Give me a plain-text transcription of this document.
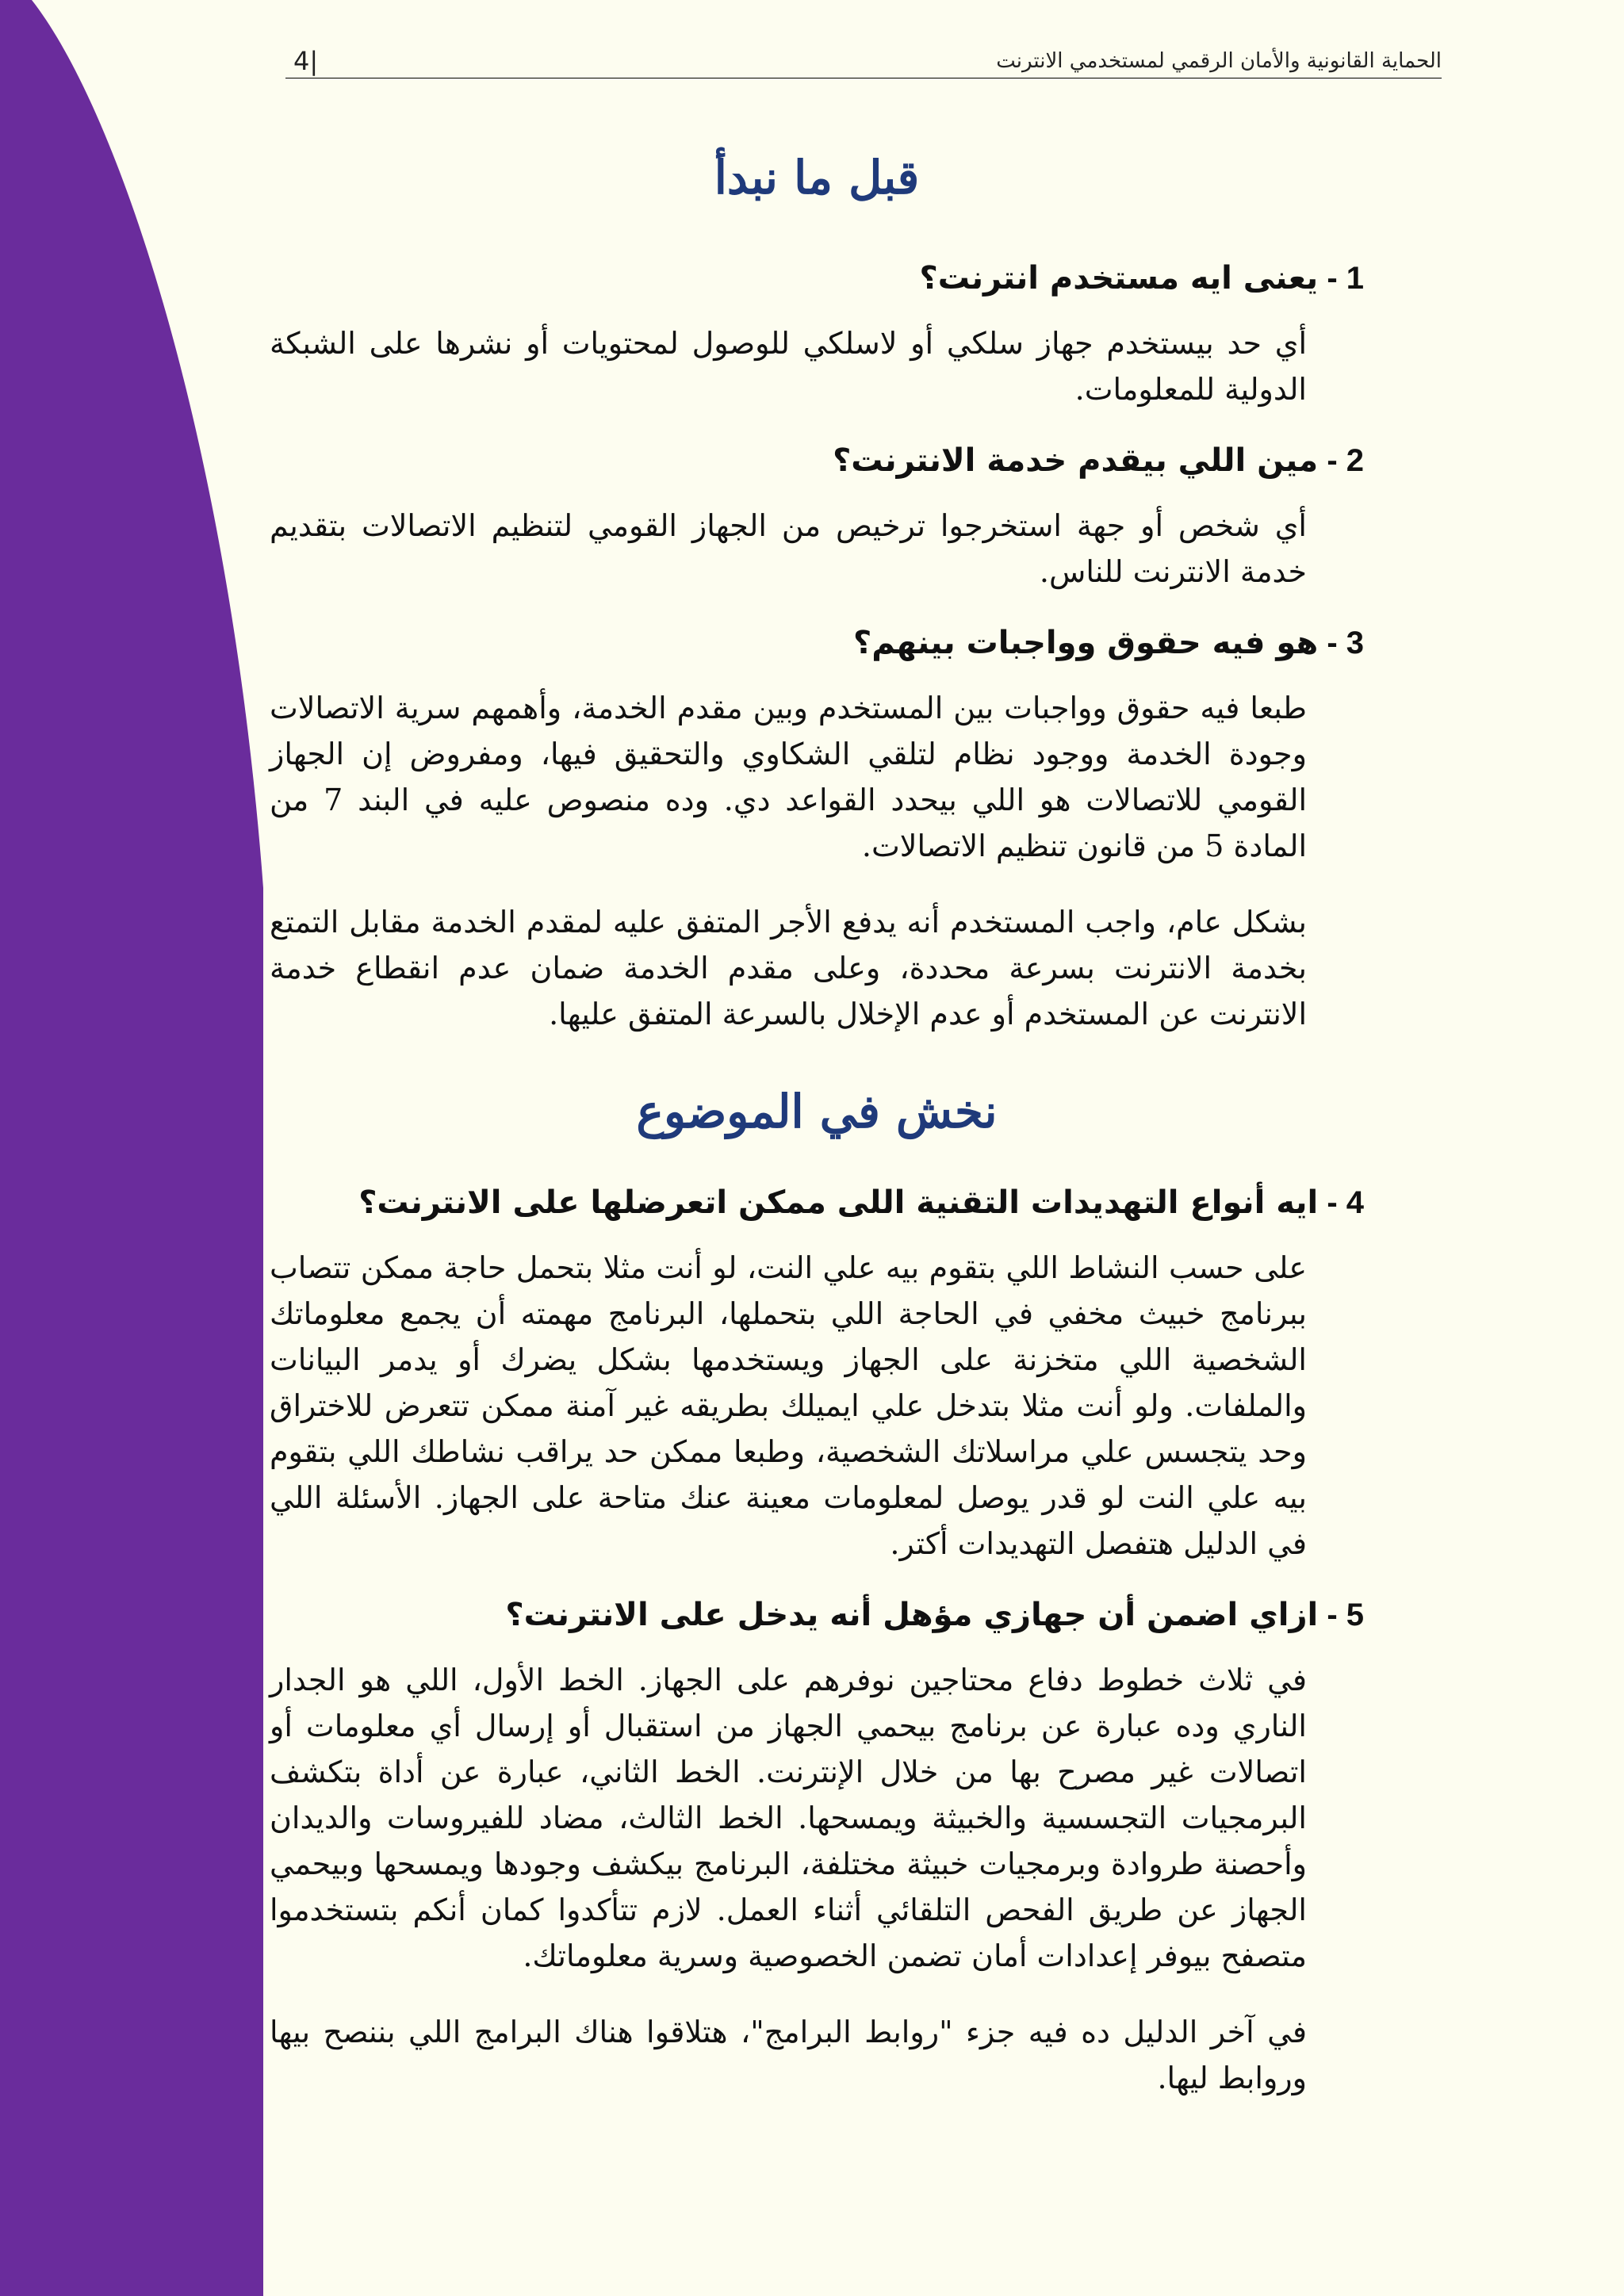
الحماية القانونية والأمان الرقمي لمستخدمي الانترنت
4|
قبل ما نبدأ
1 - يعنى ايه مستخدم انترنت؟

أي حد بيستخدم جهاز سلكي أو لاسلكي للوصول لمحتويات أو نشرها على الشبكة الدولية للمعلومات.

2 - مين اللي بيقدم خدمة الانترنت؟

أي شخص أو جهة استخرجوا ترخيص من الجهاز القومي لتنظيم الاتصالات بتقديم خدمة الانترنت للناس.

3 - هو فيه حقوق وواجبات بينهم؟

طبعا فيه حقوق وواجبات بين المستخدم وبين مقدم الخدمة، وأهمهم سرية الاتصالات وجودة الخدمة ووجود نظام لتلقي الشكاوي والتحقيق فيها، ومفروض إن الجهاز القومي للاتصالات هو اللي بيحدد القواعد دي. وده منصوص عليه في البند 7 من المادة 5 من قانون تنظيم الاتصالات.

بشكل عام، واجب المستخدم أنه يدفع الأجر المتفق عليه لمقدم الخدمة مقابل التمتع بخدمة الانترنت بسرعة محددة، وعلى مقدم الخدمة ضمان عدم انقطاع خدمة الانترنت عن المستخدم أو عدم الإخلال بالسرعة المتفق عليها.

نخش في الموضوع
4 - ايه أنواع التهديدات التقنية اللى ممكن اتعرضلها على الانترنت؟

على حسب النشاط اللي بتقوم بيه علي النت، لو أنت مثلا بتحمل حاجة ممكن تتصاب ببرنامج خبيث مخفي في الحاجة اللي بتحملها، البرنامج مهمته أن يجمع معلوماتك الشخصية اللي متخزنة على الجهاز ويستخدمها بشكل يضرك أو يدمر البيانات والملفات. ولو أنت مثلا بتدخل علي ايميلك بطريقه غير آمنة ممكن تتعرض للاختراق وحد يتجسس علي مراسلاتك الشخصية، وطبعا ممكن حد يراقب نشاطك اللي بتقوم بيه علي النت لو قدر يوصل لمعلومات معينة عنك متاحة على الجهاز. الأسئلة اللي في الدليل هتفصل التهديدات أكتر.

5 - ازاي اضمن أن جهازي مؤهل أنه يدخل على الانترنت؟

في ثلاث خطوط دفاع محتاجين نوفرهم على الجهاز. الخط الأول، اللي هو الجدار الناري وده عبارة عن برنامج بيحمي الجهاز من استقبال أو إرسال أي معلومات أو اتصالات غير مصرح بها من خلال الإنترنت. الخط الثاني، عبارة عن أداة بتكشف البرمجيات التجسسية والخبيثة ويمسحها. الخط الثالث، مضاد للفيروسات والديدان وأحصنة طروادة وبرمجيات خبيثة مختلفة، البرنامج بيكشف وجودها ويمسحها وبيحمي الجهاز عن طريق الفحص التلقائي أثناء العمل. لازم تتأكدوا كمان أنكم بتستخدموا متصفح بيوفر إعدادات أمان تضمن الخصوصية وسرية معلوماتك.

في آخر الدليل ده فيه جزء "روابط البرامج"، هتلاقوا هناك البرامج اللي بننصح بيها وروابط ليها.
